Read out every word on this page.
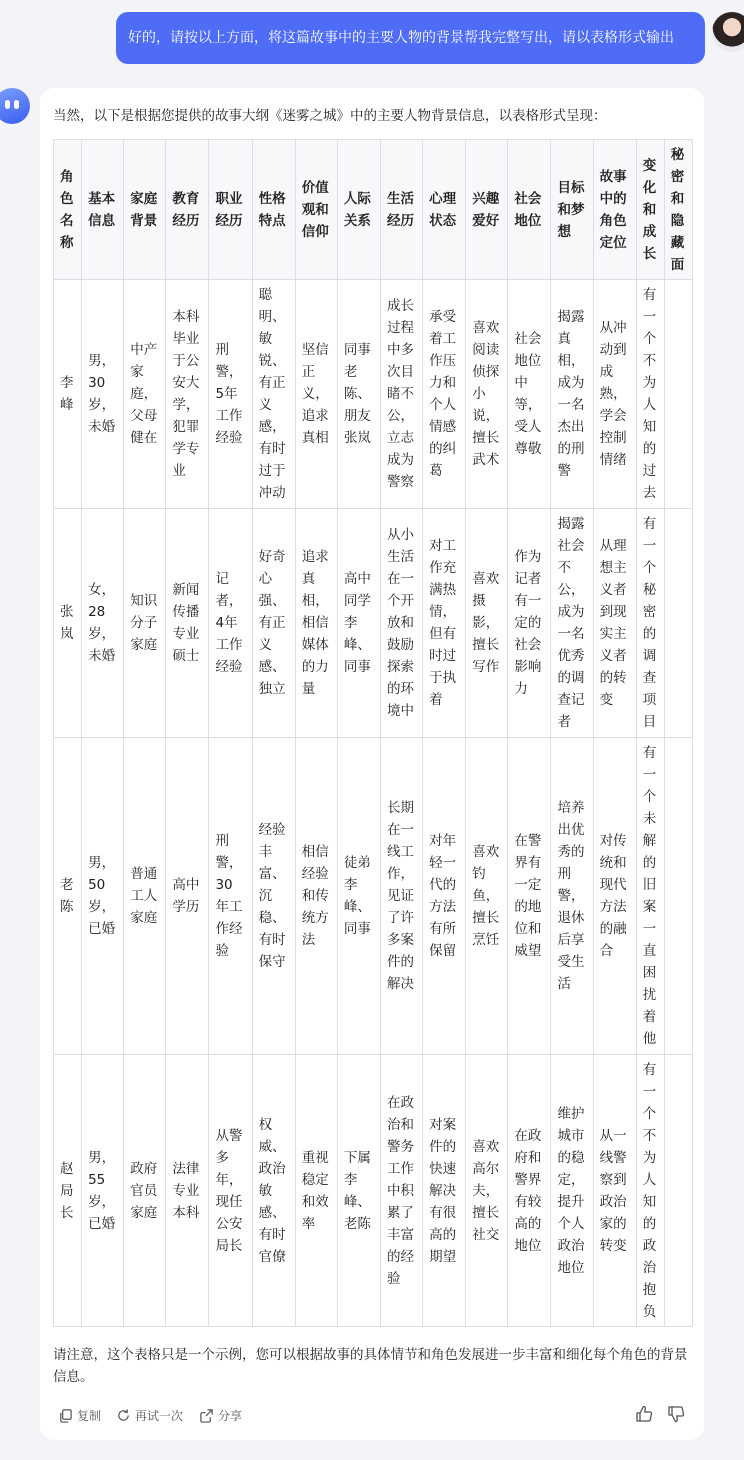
好的，请按以上方面，将这篇故事中的主要人物的背景帮我完整写出，请以表格形式输出
当然，以下是根据您提供的故事大纲《迷雾之城》中的主要人物背景信息，以表格形式呈现：
角色名称	基本信息	家庭背景	教育经历	职业经历	性格特点	价值观和信仰	人际关系	生活经历	心理状态	兴趣爱好	社会地位	目标和梦想	故事中的角色定位	变化和成长	秘密和隐藏面
李峰	男，30岁，未婚	中产家庭，父母健在	本科毕业于公安大学，犯罪学专业	刑警，5年工作经验	聪明、敏锐、有正义感，有时过于冲动	坚信正义，追求真相	同事老陈、朋友张岚	成长过程中多次目睹不公，立志成为警察	承受着工作压力和个人情感的纠葛	喜欢阅读侦探小说，擅长武术	社会地位中等，受人尊敬	揭露真相，成为一名杰出的刑警	从冲动到成熟，学会控制情绪	有一个不为人知的过去	
张岚	女，28岁，未婚	知识分子家庭	新闻传播专业硕士	记者，4年工作经验	好奇心强、有正义感、独立	追求真相，相信媒体的力量	高中同学李峰、同事	从小生活在一个开放和鼓励探索的环境中	对工作充满热情，但有时过于执着	喜欢摄影，擅长写作	作为记者有一定的社会影响力	揭露社会不公，成为一名优秀的调查记者	从理想主义者到现实主义者的转变	有一个秘密的调查项目	
老陈	男，50岁，已婚	普通工人家庭	高中学历	刑警，30年工作经验	经验丰富、沉稳、有时保守	相信经验和传统方法	徒弟李峰、同事	长期在一线工作，见证了许多案件的解决	对年轻一代的方法有所保留	喜欢钓鱼，擅长烹饪	在警界有一定的地位和威望	培养出优秀的刑警，退休后享受生活	对传统和现代方法的融合	有一个未解的旧案一直困扰着他	
赵局长	男，55岁，已婚	政府官员家庭	法律专业本科	从警多年，现任公安局长	权威、政治敏感、有时官僚	重视稳定和效率	下属李峰、老陈	在政治和警务工作中积累了丰富的经验	对案件的快速解决有很高的期望	喜欢高尔夫，擅长社交	在政府和警界有较高的地位	维护城市的稳定，提升个人政治地位	从一线警察到政治家的转变	有一个不为人知的政治抱负	
请注意，这个表格只是一个示例，您可以根据故事的具体情节和角色发展进一步丰富和细化每个角色的背景信息。
复制	再试一次	分享
